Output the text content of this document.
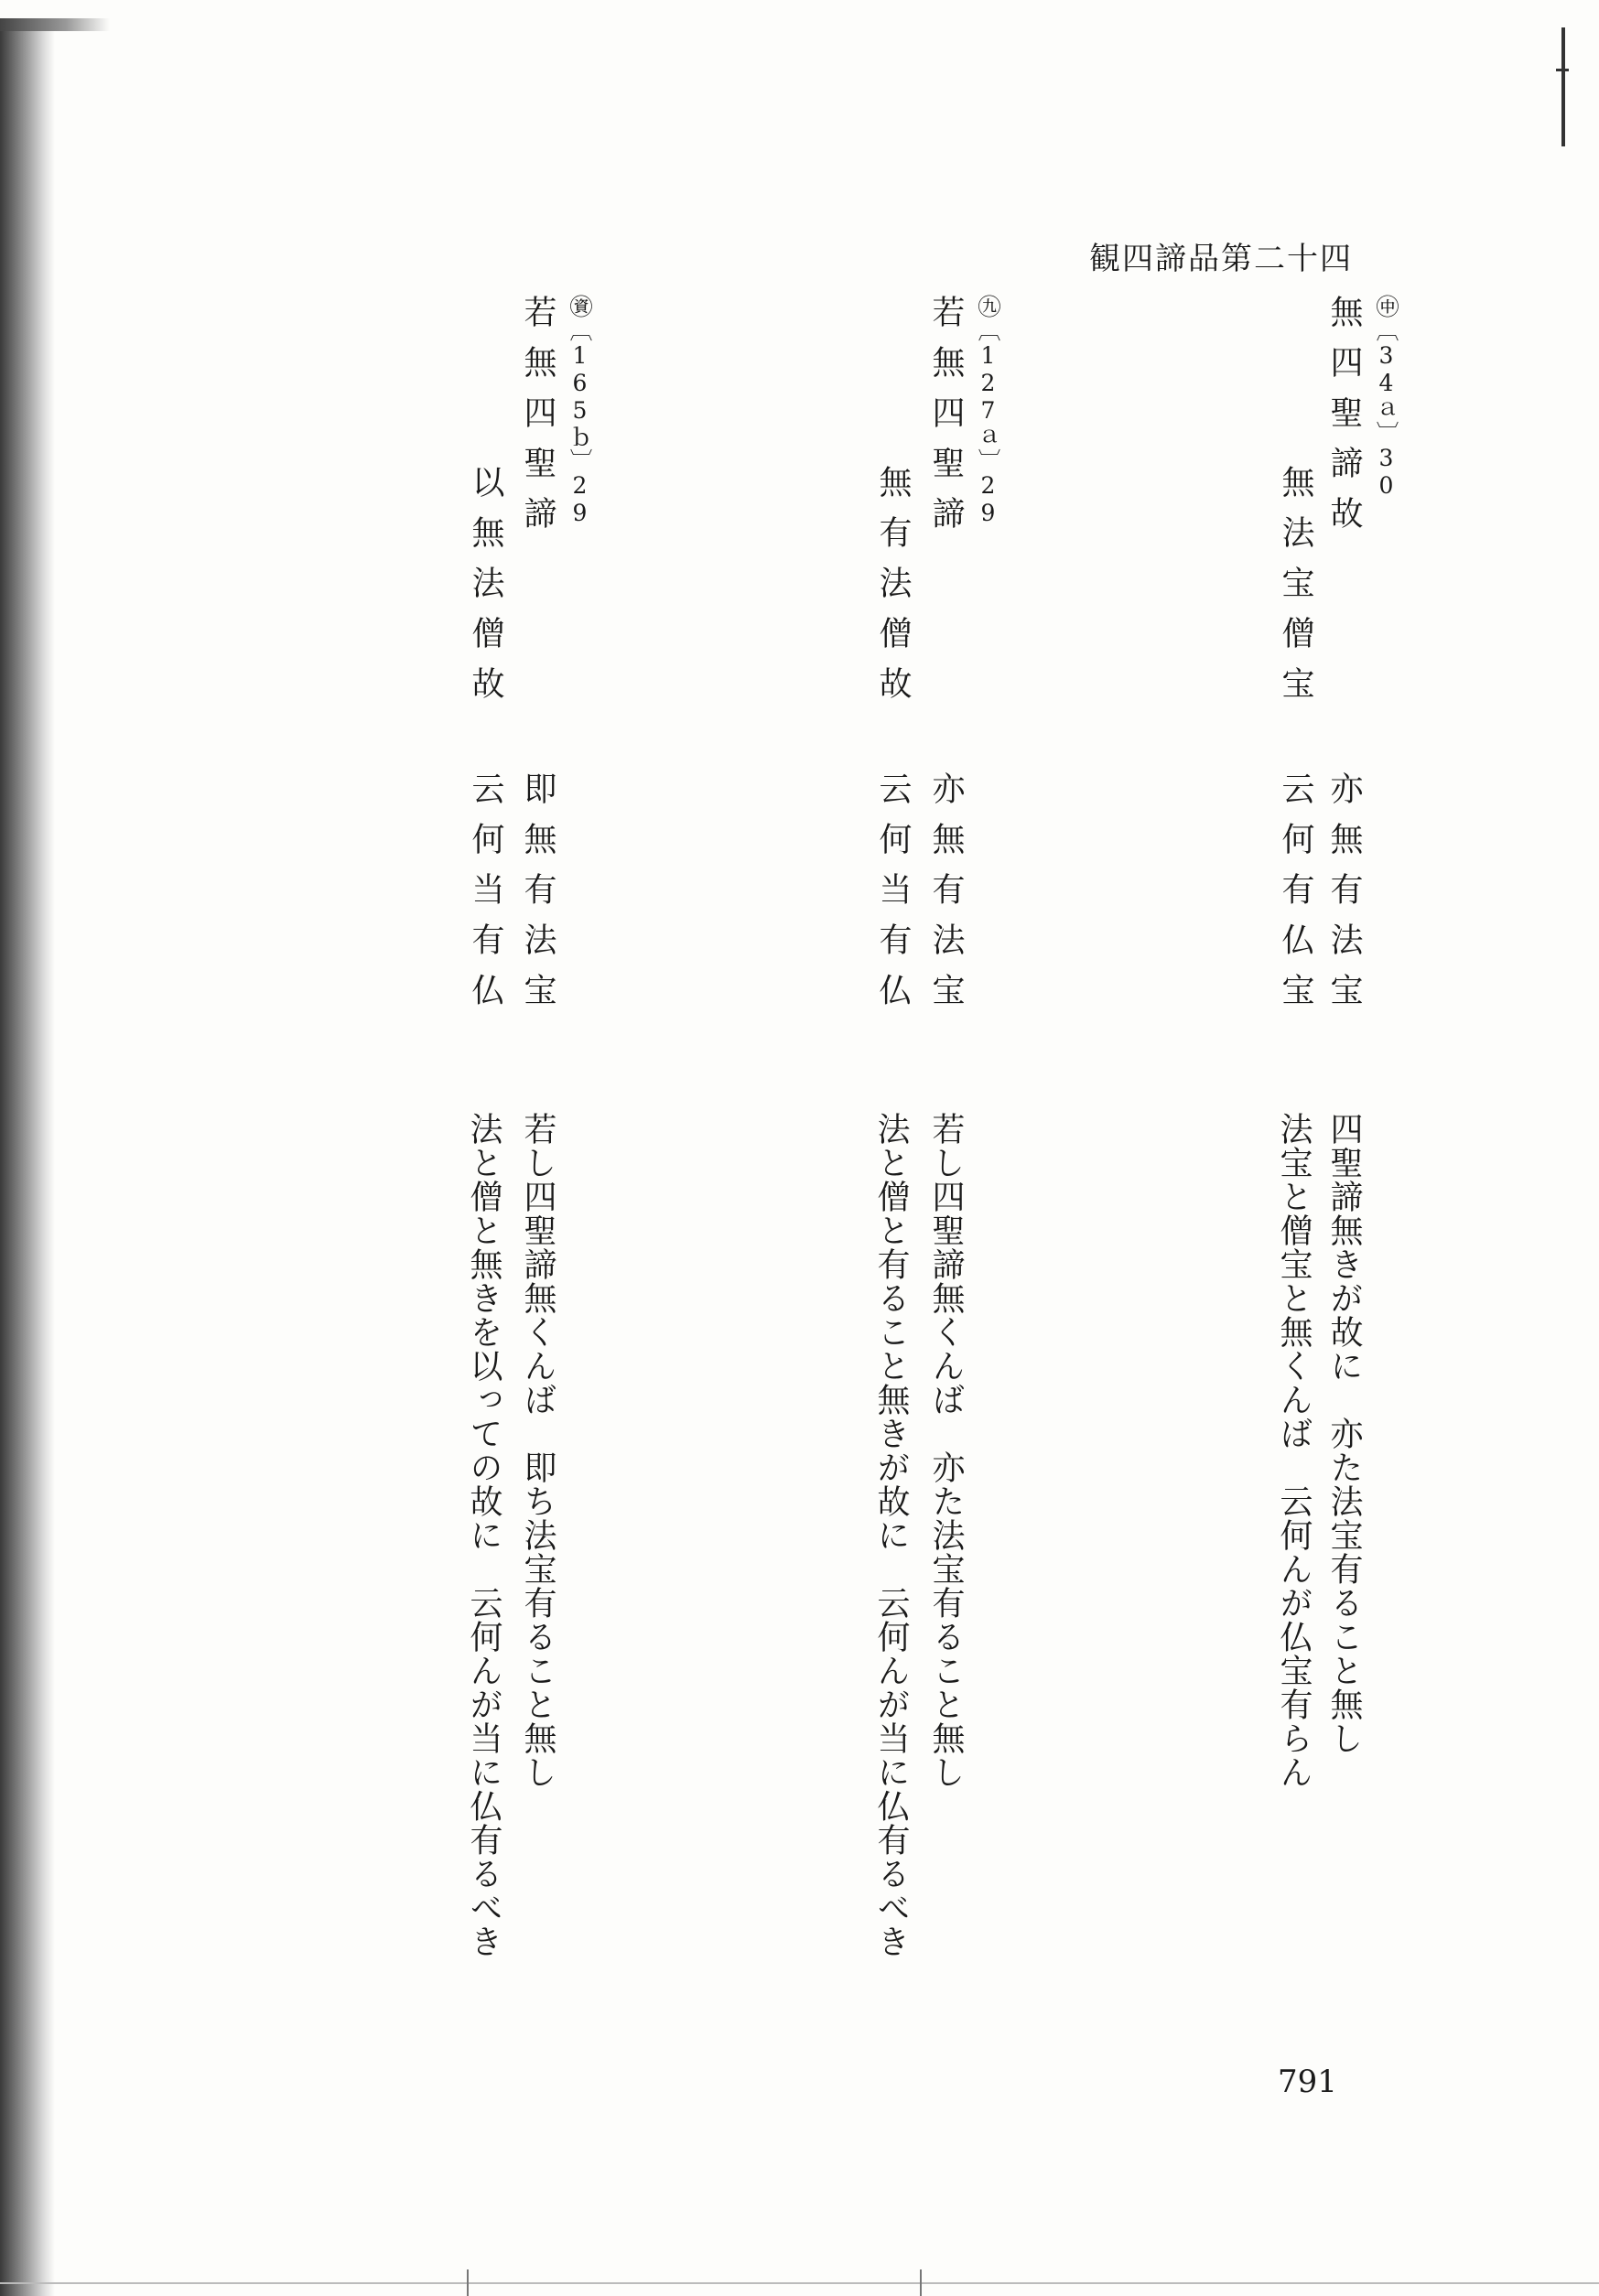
観四諦品第二十四
㊥〔34ａ〕30
無四聖諦故
亦無有法宝
無法宝僧宝
云何有仏宝
四聖諦無きが故に　亦た法宝有ること無し
法宝と僧宝と無くんば　云何んが仏宝有らん
㊈〔127ａ〕29
若無四聖諦
亦無有法宝
無有法僧故
云何当有仏
若し四聖諦無くんば　亦た法宝有ること無し
法と僧と有ること無きが故に　云何んが当に仏有るべき
㊮〔165ｂ〕29
若無四聖諦
即無有法宝
以無法僧故
云何当有仏
若し四聖諦無くんば　即ち法宝有ること無し
法と僧と無きを以っての故に　云何んが当に仏有るべき
791
